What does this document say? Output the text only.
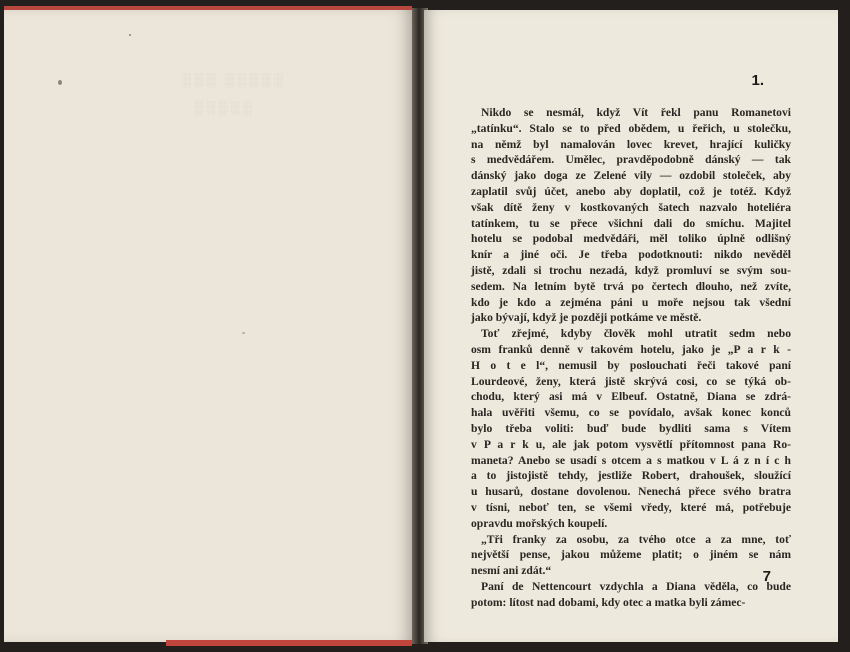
░░░ ░░░░░
░░░░░
1.
Nikdo se nesmál, když Vít řekl panu Romanetovi
„tatínku“. Stalo se to před obědem, u řeřich, u stolečku,
na němž byl namalován lovec krevet, hrající kuličky
s medvědářem. Umělec, pravděpodobně dánský — tak
dánský jako doga ze Zelené vily — ozdobil stoleček, aby
zaplatil svůj účet, anebo aby doplatil, což je totéž. Když
však dítě ženy v kostkovaných šatech nazvalo hoteliéra
tatínkem, tu se přece všichni dali do smíchu. Majitel
hotelu se podobal medvědáři, měl toliko úplně odlišný
knír a jiné oči. Je třeba podotknouti: nikdo nevěděl
jistě, zdali si trochu nezadá, když promluví se svým sou-
sedem. Na letním bytě trvá po čertech dlouho, než zvíte,
kdo je kdo a zejména páni u moře nejsou tak všední
jako bývají, když je později potkáme ve městě.
Toť zřejmé, kdyby člověk mohl utratit sedm nebo
osm franků denně v takovém hotelu, jako je „P a r k -
H o t e l“, nemusil by poslouchati řeči takové paní
Lourdeové, ženy, která jistě skrývá cosi, co se týká ob-
chodu, který asi má v Elbeuf. Ostatně, Diana se zdrá-
hala uvěřiti všemu, co se povídalo, avšak konec konců
bylo třeba voliti: buď bude bydliti sama s Vítem
v P a r k u, ale jak potom vysvětlí přítomnost pana Ro-
maneta? Anebo se usadí s otcem a s matkou v L á z n í c h
a to jistojistě tehdy, jestliže Robert, drahoušek, sloužící
u husarů, dostane dovolenou. Nenechá přece svého bratra
v tísni, neboť ten, se všemi vředy, které má, potřebuje
opravdu mořských koupelí.
„Tři franky za osobu, za tvého otce a za mne, toť
největší pense, jakou můžeme platit; o jiném se nám
nesmí ani zdát.“
Paní de Nettencourt vzdychla a Diana věděla, co bude
potom: lítost nad dobami, kdy otec a matka byli zámec-
7
